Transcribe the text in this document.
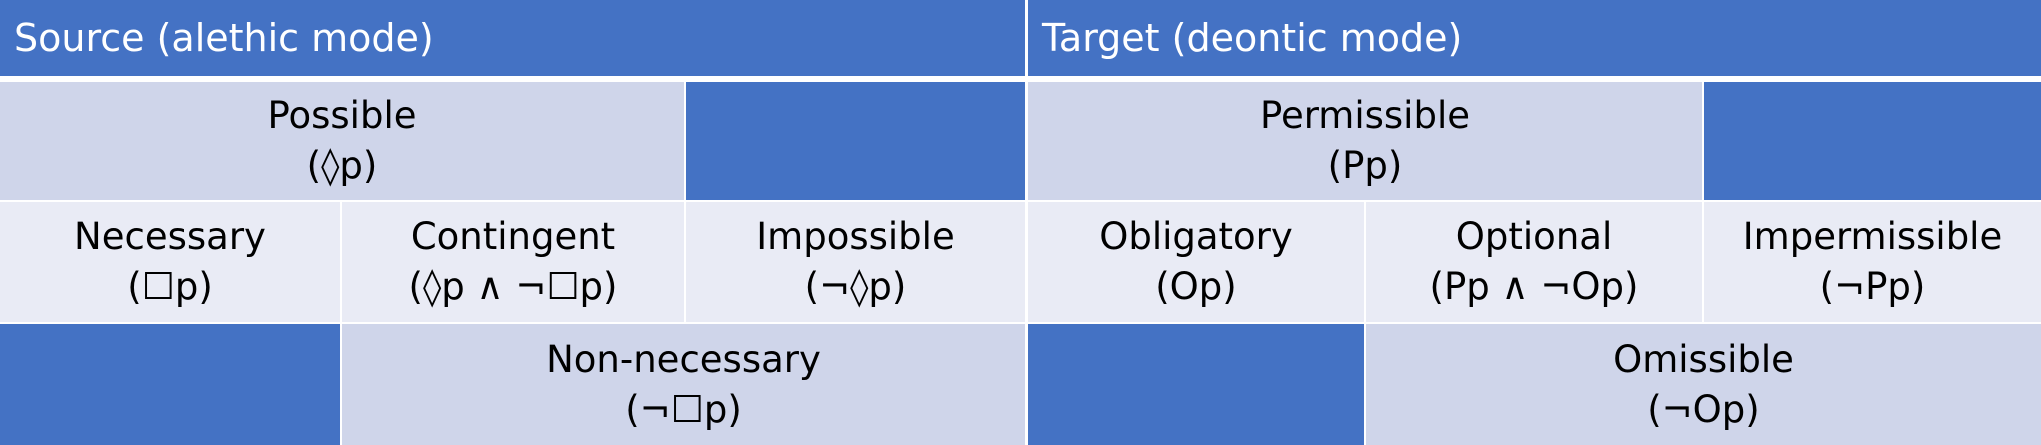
Source (alethic mode)	Target (deontic mode)
Possible
(◊p)
Permissible
(Pp)
Necessary
(☐p)
Contingent
(◊p ∧ ¬☐p)
Impossible
(¬◊p)
Obligatory
(Op)
Optional
(Pp ∧ ¬Op)
Impermissible
(¬Pp)
Non-necessary
(¬☐p)
Omissible
(¬Op)
